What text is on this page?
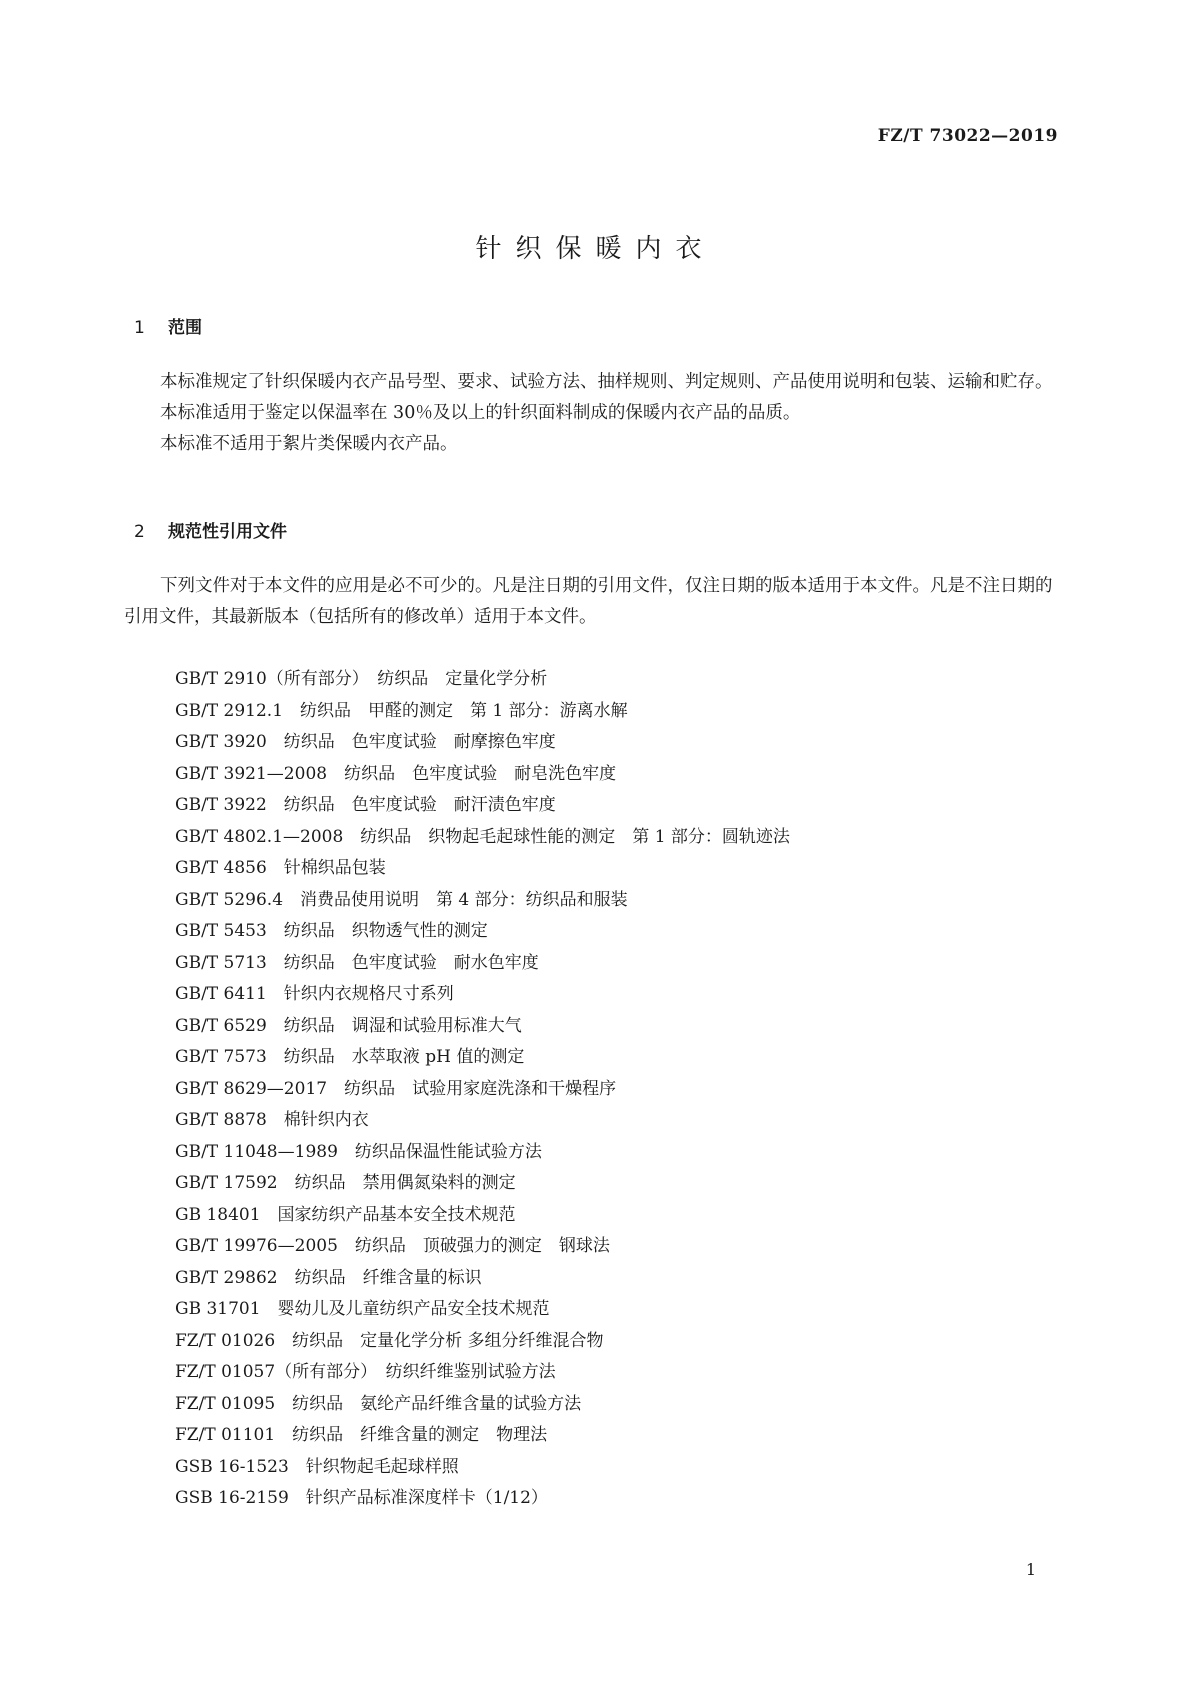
FZ/T 73022—2019
针织保暖内衣
1 范围

本标准规定了针织保暖内衣产品号型、要求、试验方法、抽样规则、判定规则、产品使用说明和包装、运输和贮存。

本标准适用于鉴定以保温率在 30％及以上的针织面料制成的保暖内衣产品的品质。

本标准不适用于絮片类保暖内衣产品。

2 规范性引用文件

下列文件对于本文件的应用是必不可少的。凡是注日期的引用文件，仅注日期的版本适用于本文件。凡是不注日期的引用文件，其最新版本（包括所有的修改单）适用于本文件。

GB/T 2910（所有部分）　纺织品　定量化学分析
GB/T 2912.1　纺织品　甲醛的测定　第 1 部分：游离水解
GB/T 3920　纺织品　色牢度试验　耐摩擦色牢度
GB/T 3921—2008　纺织品　色牢度试验　耐皂洗色牢度
GB/T 3922　纺织品　色牢度试验　耐汗渍色牢度
GB/T 4802.1—2008　纺织品　织物起毛起球性能的测定　第 1 部分：圆轨迹法
GB/T 4856　针棉织品包装
GB/T 5296.4　消费品使用说明　第 4 部分：纺织品和服装
GB/T 5453　纺织品　织物透气性的测定
GB/T 5713　纺织品　色牢度试验　耐水色牢度
GB/T 6411　针织内衣规格尺寸系列
GB/T 6529　纺织品　调湿和试验用标准大气
GB/T 7573　纺织品　水萃取液 pH 值的测定
GB/T 8629—2017　纺织品　试验用家庭洗涤和干燥程序
GB/T 8878　棉针织内衣
GB/T 11048—1989　纺织品保温性能试验方法
GB/T 17592　纺织品　禁用偶氮染料的测定
GB 18401　国家纺织产品基本安全技术规范
GB/T 19976—2005　纺织品　顶破强力的测定　钢球法
GB/T 29862　纺织品　纤维含量的标识
GB 31701　婴幼儿及儿童纺织产品安全技术规范
FZ/T 01026　纺织品　定量化学分析 多组分纤维混合物
FZ/T 01057（所有部分）　纺织纤维鉴别试验方法
FZ/T 01095　纺织品　氨纶产品纤维含量的试验方法
FZ/T 01101　纺织品　纤维含量的测定　物理法
GSB 16-1523　针织物起毛起球样照
GSB 16-2159　针织产品标准深度样卡（1/12）
1
